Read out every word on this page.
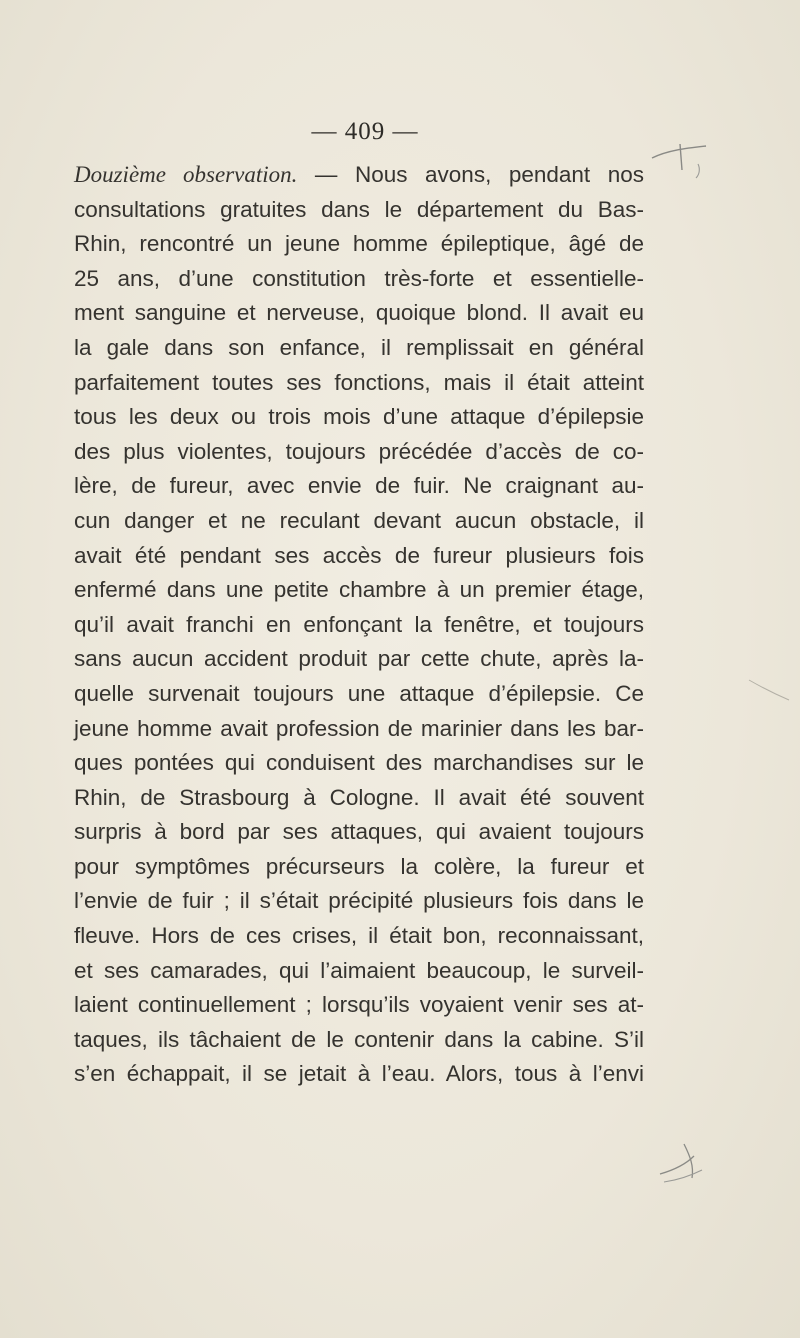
— 409 —
Douzième observation. — Nous avons, pendant nos
consultations gratuites dans le département du Bas-
Rhin, rencontré un jeune homme épileptique, âgé de
25 ans, d’une constitution très-forte et essentielle-
ment sanguine et nerveuse, quoique blond. Il avait eu
la gale dans son enfance, il remplissait en général
parfaitement toutes ses fonctions, mais il était atteint
tous les deux ou trois mois d’une attaque d’épilepsie
des plus violentes, toujours précédée d’accès de co-
lère, de fureur, avec envie de fuir. Ne craignant au-
cun danger et ne reculant devant aucun obstacle, il
avait été pendant ses accès de fureur plusieurs fois
enfermé dans une petite chambre à un premier étage,
qu’il avait franchi en enfonçant la fenêtre, et toujours
sans aucun accident produit par cette chute, après la-
quelle survenait toujours une attaque d’épilepsie. Ce
jeune homme avait profession de marinier dans les bar-
ques pontées qui conduisent des marchandises sur le
Rhin, de Strasbourg à Cologne. Il avait été souvent
surpris à bord par ses attaques, qui avaient toujours
pour symptômes précurseurs la colère, la fureur et
l’envie de fuir ; il s’était précipité plusieurs fois dans le
fleuve. Hors de ces crises, il était bon, reconnaissant,
et ses camarades, qui l’aimaient beaucoup, le surveil-
laient continuellement ; lorsqu’ils voyaient venir ses at-
taques, ils tâchaient de le contenir dans la cabine. S’il
s’en échappait, il se jetait à l’eau. Alors, tous à l’envi
